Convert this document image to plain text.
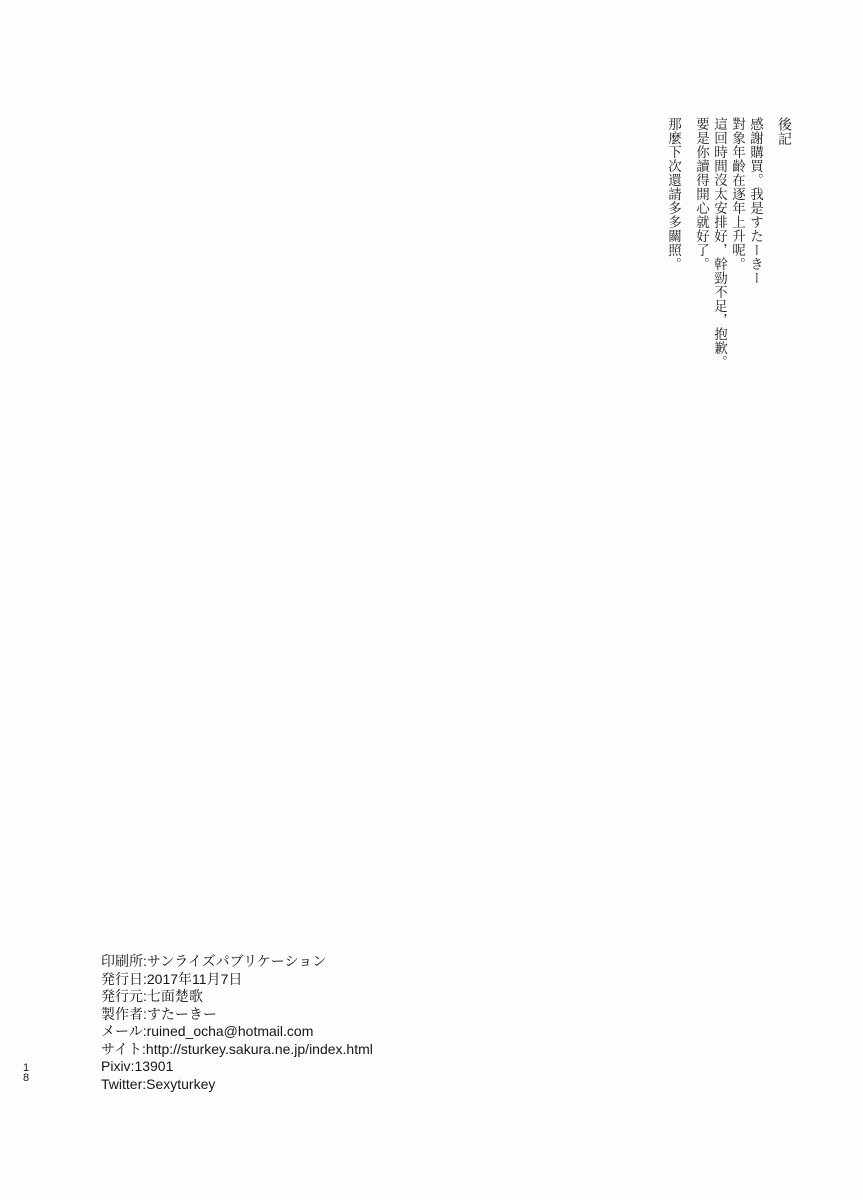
後記

感謝購買。我是すたーきー

對象年齡在逐年上升呢。

這回時間沒太安排好，幹勁不足，抱歉。

要是你讀得開心就好了。

那麼下次還請多多關照。

印刷所:サンライズパブリケーション

発行日:2017年11月7日

発行元:七面楚歌

製作者:すたーきー

メール:ruined_ocha@hotmail.com

サイト:http://sturkey.sakura.ne.jp/index.html

Pixiv:13901

Twitter:Sexyturkey

1
8
